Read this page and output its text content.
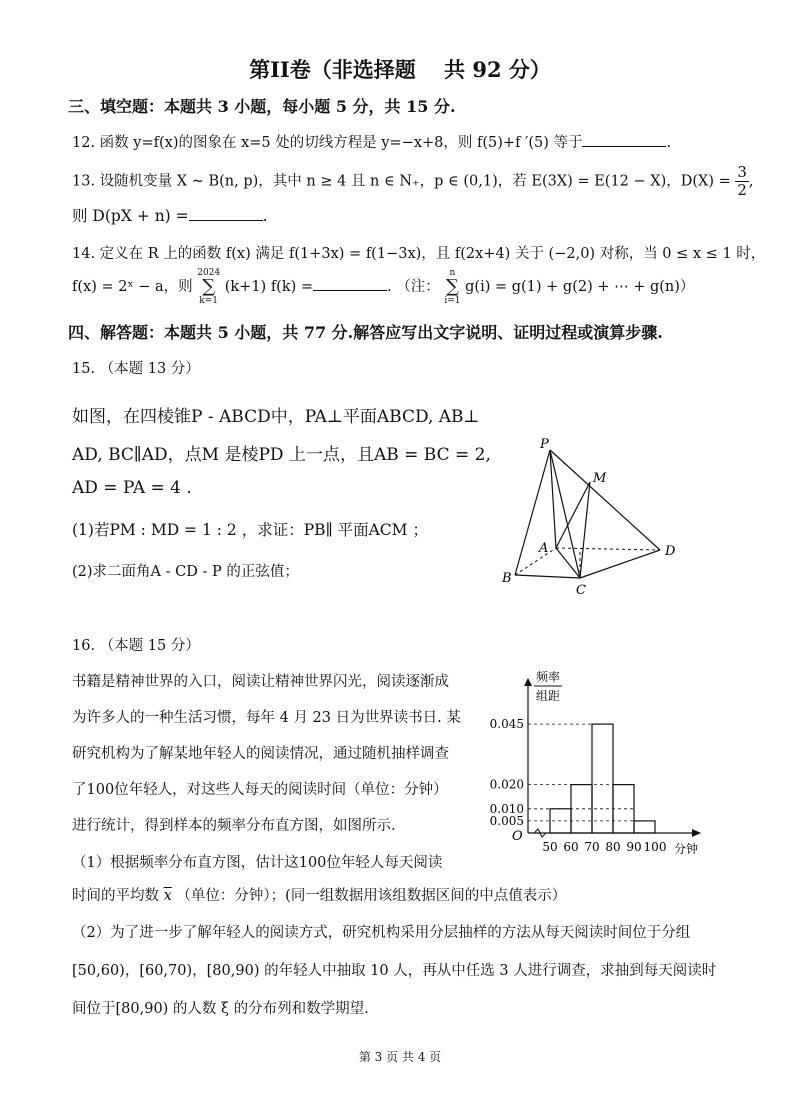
第II卷（非选择题　 共 92 分）
三、填空题：本题共 3 小题，每小题 5 分，共 15 分.
12. 函数 y=f(x)的图象在 x=5 处的切线方程是 y=−x+8，则 f(5)+f ′(5) 等于	.
13. 设随机变量 X ~ B(n, p)，其中 n ≥ 4 且 n ∈ N₊，p ∈ (0,1)，若 E(3X) = E(12 − X)，$D(X) = \frac{3}{2}$ ,
则 D(pX + n) =	.
14. 定义在 R 上的函数 f(x) 满足 f(1+3x) = f(1−3x)，且 f(2x+4) 关于 (−2,0) 对称，当 0 ≤ x ≤ 1 时，
f(x) = 2ˣ − a，则
2024
∑
k=1
(k+1) f(k) =	. （注：
n
∑
i=1
g(i) = g(1) + g(2) + ⋯ + g(n)）
四、解答题：本题共 5 小题，共 77 分.解答应写出文字说明、证明过程或演算步骤.
15. （本题 13 分）
如图，在四棱锥P - ABCD中，PA⊥平面ABCD, AB⊥
AD, BC∥AD，点M 是棱PD 上一点，且AB = BC = 2,
AD = PA = 4 .
(1)若PM : MD = 1 : 2 ，求证：PB∥ 平面ACM ；
(2)求二面角A - CD - P 的正弦值；
P
M
A
B
C
D
16. （本题 15 分）
书籍是精神世界的入口，阅读让精神世界闪光，阅读逐渐成
为许多人的一种生活习惯，每年 4 月 23 日为世界读书日. 某
研究机构为了解某地年轻人的阅读情况，通过随机抽样调查
了100位年轻人，对这些人每天的阅读时间（单位：分钟）
进行统计，得到样本的频率分布直方图，如图所示.
（1）根据频率分布直方图，估计这100位年轻人每天阅读
时间的平均数 $\overline{x}$ （单位：分钟）；(同一组数据用该组数据区间的中点值表示）
（2）为了进一步了解年轻人的阅读方式，研究机构采用分层抽样的方法从每天阅读时间位于分组
[50,60)，[60,70)，[80,90) 的年轻人中抽取 10 人，再从中任选 3 人进行调查，求抽到每天阅读时
间位于[80,90) 的人数 ξ 的分布列和数学期望.
频率
组距
O
分钟
0.045
0.020
0.010
0.005
50 60 70 80 90 100
第 3 页 共 4 页
